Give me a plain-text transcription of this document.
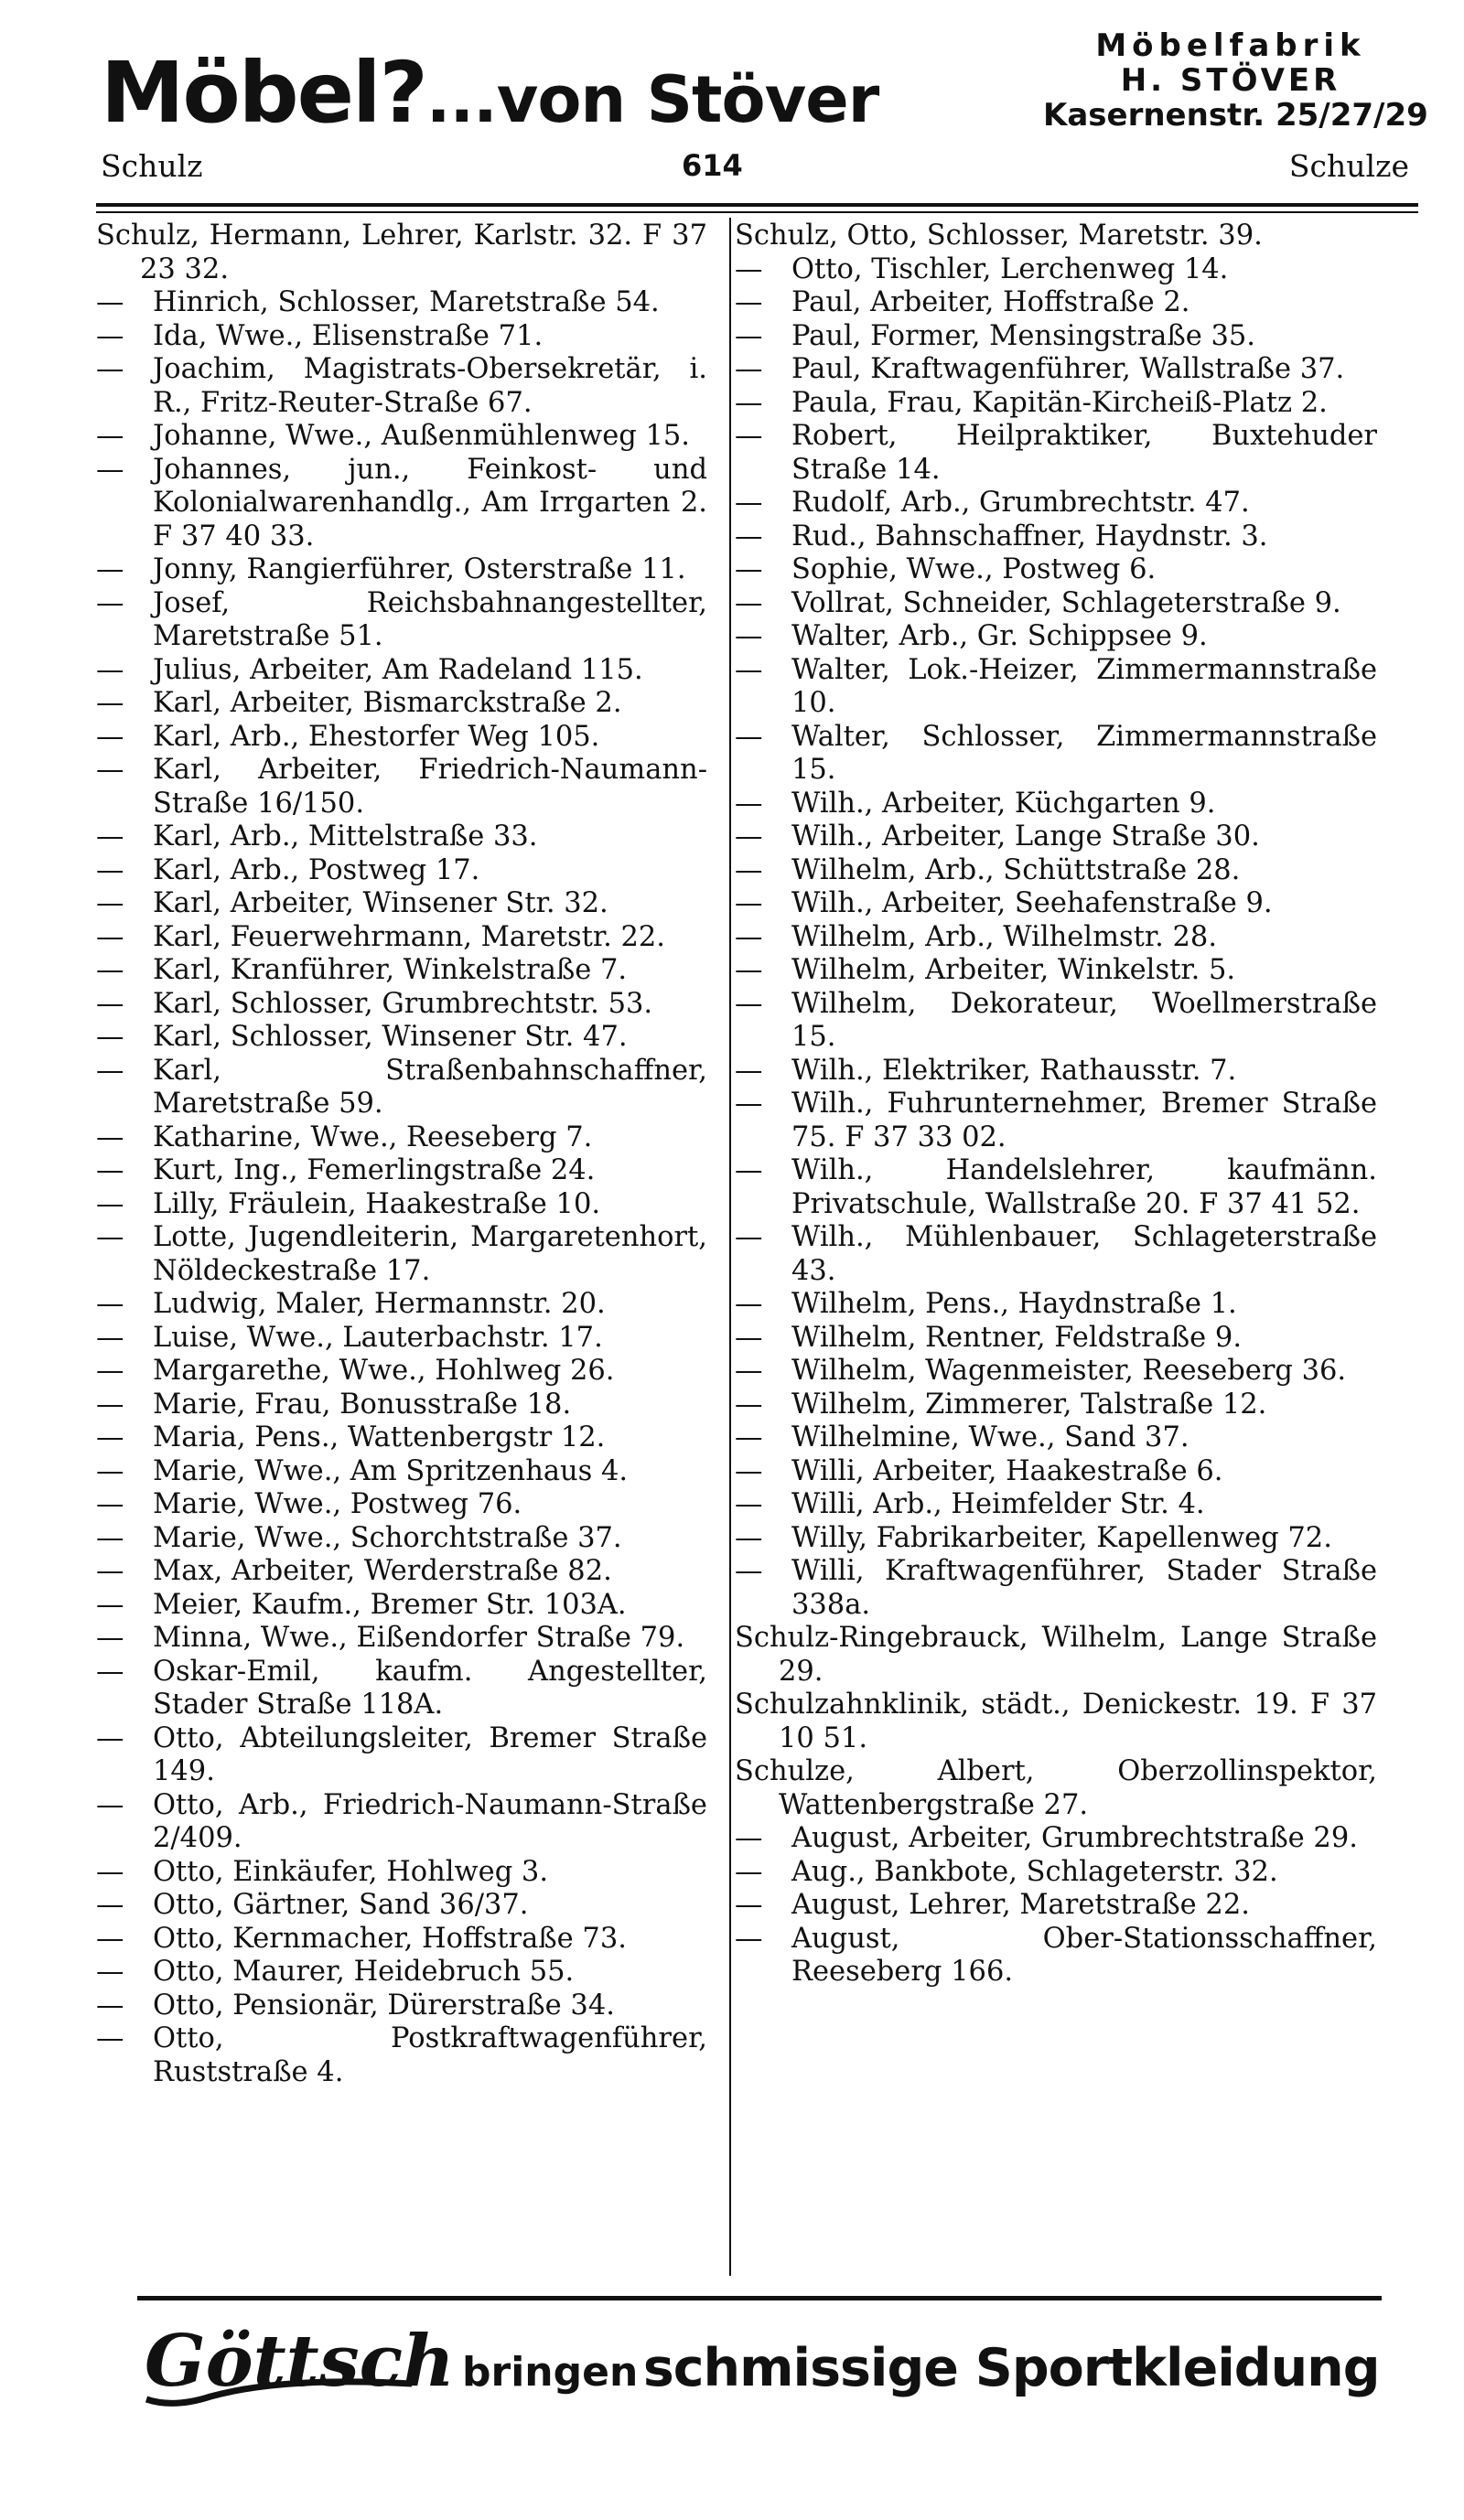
Möbel?...von Stöver
Möbelfabrik
H. STÖVER
Kasernenstr. 25/27/29
Schulz	614	Schulze
Schulz, Hermann, Lehrer, Karlstr. 32. F 37 23 32.
— Hinrich, Schlosser, Maretstraße 54.
— Ida, Wwe., Elisenstraße 71.
— Joachim, Magistrats-Obersekretär, i. R., Fritz-Reuter-Straße 67.
— Johanne, Wwe., Außenmühlenweg 15.
— Johannes, jun., Feinkost- und Kolonialwarenhandlg., Am Irrgarten 2. F 37 40 33.
— Jonny, Rangierführer, Osterstraße 11.
— Josef, Reichsbahnangestellter, Maretstraße 51.
— Julius, Arbeiter, Am Radeland 115.
— Karl, Arbeiter, Bismarckstraße 2.
— Karl, Arb., Ehestorfer Weg 105.
— Karl, Arbeiter, Friedrich-Naumann-Straße 16/150.
— Karl, Arb., Mittelstraße 33.
— Karl, Arb., Postweg 17.
— Karl, Arbeiter, Winsener Str. 32.
— Karl, Feuerwehrmann, Maretstr. 22.
— Karl, Kranführer, Winkelstraße 7.
— Karl, Schlosser, Grumbrechtstr. 53.
— Karl, Schlosser, Winsener Str. 47.
— Karl, Straßenbahnschaffner, Maretstraße 59.
— Katharine, Wwe., Reeseberg 7.
— Kurt, Ing., Femerlingstraße 24.
— Lilly, Fräulein, Haakestraße 10.
— Lotte, Jugendleiterin, Margaretenhort, Nöldeckestraße 17.
— Ludwig, Maler, Hermannstr. 20.
— Luise, Wwe., Lauterbachstr. 17.
— Margarethe, Wwe., Hohlweg 26.
— Marie, Frau, Bonusstraße 18.
— Maria, Pens., Wattenbergstr 12.
— Marie, Wwe., Am Spritzenhaus 4.
— Marie, Wwe., Postweg 76.
— Marie, Wwe., Schorchtstraße 37.
— Max, Arbeiter, Werderstraße 82.
— Meier, Kaufm., Bremer Str. 103A.
— Minna, Wwe., Eißendorfer Straße 79.
— Oskar-Emil, kaufm. Angestellter, Stader Straße 118A.
— Otto, Abteilungsleiter, Bremer Straße 149.
— Otto, Arb., Friedrich-Naumann-Straße 2/409.
— Otto, Einkäufer, Hohlweg 3.
— Otto, Gärtner, Sand 36/37.
— Otto, Kernmacher, Hoffstraße 73.
— Otto, Maurer, Heidebruch 55.
— Otto, Pensionär, Dürerstraße 34.
— Otto, Postkraftwagenführer, Ruststraße 4.
Schulz, Otto, Schlosser, Maretstr. 39.
— Otto, Tischler, Lerchenweg 14.
— Paul, Arbeiter, Hoffstraße 2.
— Paul, Former, Mensingstraße 35.
— Paul, Kraftwagenführer, Wallstraße 37.
— Paula, Frau, Kapitän-Kircheiß-Platz 2.
— Robert, Heilpraktiker, Buxtehuder Straße 14.
— Rudolf, Arb., Grumbrechtstr. 47.
— Rud., Bahnschaffner, Haydnstr. 3.
— Sophie, Wwe., Postweg 6.
— Vollrat, Schneider, Schlageterstraße 9.
— Walter, Arb., Gr. Schippsee 9.
— Walter, Lok.-Heizer, Zimmermannstraße 10.
— Walter, Schlosser, Zimmermannstraße 15.
— Wilh., Arbeiter, Küchgarten 9.
— Wilh., Arbeiter, Lange Straße 30.
— Wilhelm, Arb., Schüttstraße 28.
— Wilh., Arbeiter, Seehafenstraße 9.
— Wilhelm, Arb., Wilhelmstr. 28.
— Wilhelm, Arbeiter, Winkelstr. 5.
— Wilhelm, Dekorateur, Woellmerstraße 15.
— Wilh., Elektriker, Rathausstr. 7.
— Wilh., Fuhrunternehmer, Bremer Straße 75. F 37 33 02.
— Wilh., Handelslehrer, kaufmänn. Privatschule, Wallstraße 20. F 37 41 52.
— Wilh., Mühlenbauer, Schlageterstraße 43.
— Wilhelm, Pens., Haydnstraße 1.
— Wilhelm, Rentner, Feldstraße 9.
— Wilhelm, Wagenmeister, Reeseberg 36.
— Wilhelm, Zimmerer, Talstraße 12.
— Wilhelmine, Wwe., Sand 37.
— Willi, Arbeiter, Haakestraße 6.
— Willi, Arb., Heimfelder Str. 4.
— Willy, Fabrikarbeiter, Kapellenweg 72.
— Willi, Kraftwagenführer, Stader Straße 338a.
Schulz-Ringebrauck, Wilhelm, Lange Straße 29.
Schulzahnklinik, städt., Denickestr. 19. F 37 10 51.
Schulze, Albert, Oberzollinspektor, Wattenbergstraße 27.
— August, Arbeiter, Grumbrechtstraße 29.
— Aug., Bankbote, Schlageterstr. 32.
— August, Lehrer, Maretstraße 22.
— August, Ober-Stationsschaffner, Reeseberg 166.
Göttsch bringen schmissige Sportkleidung
